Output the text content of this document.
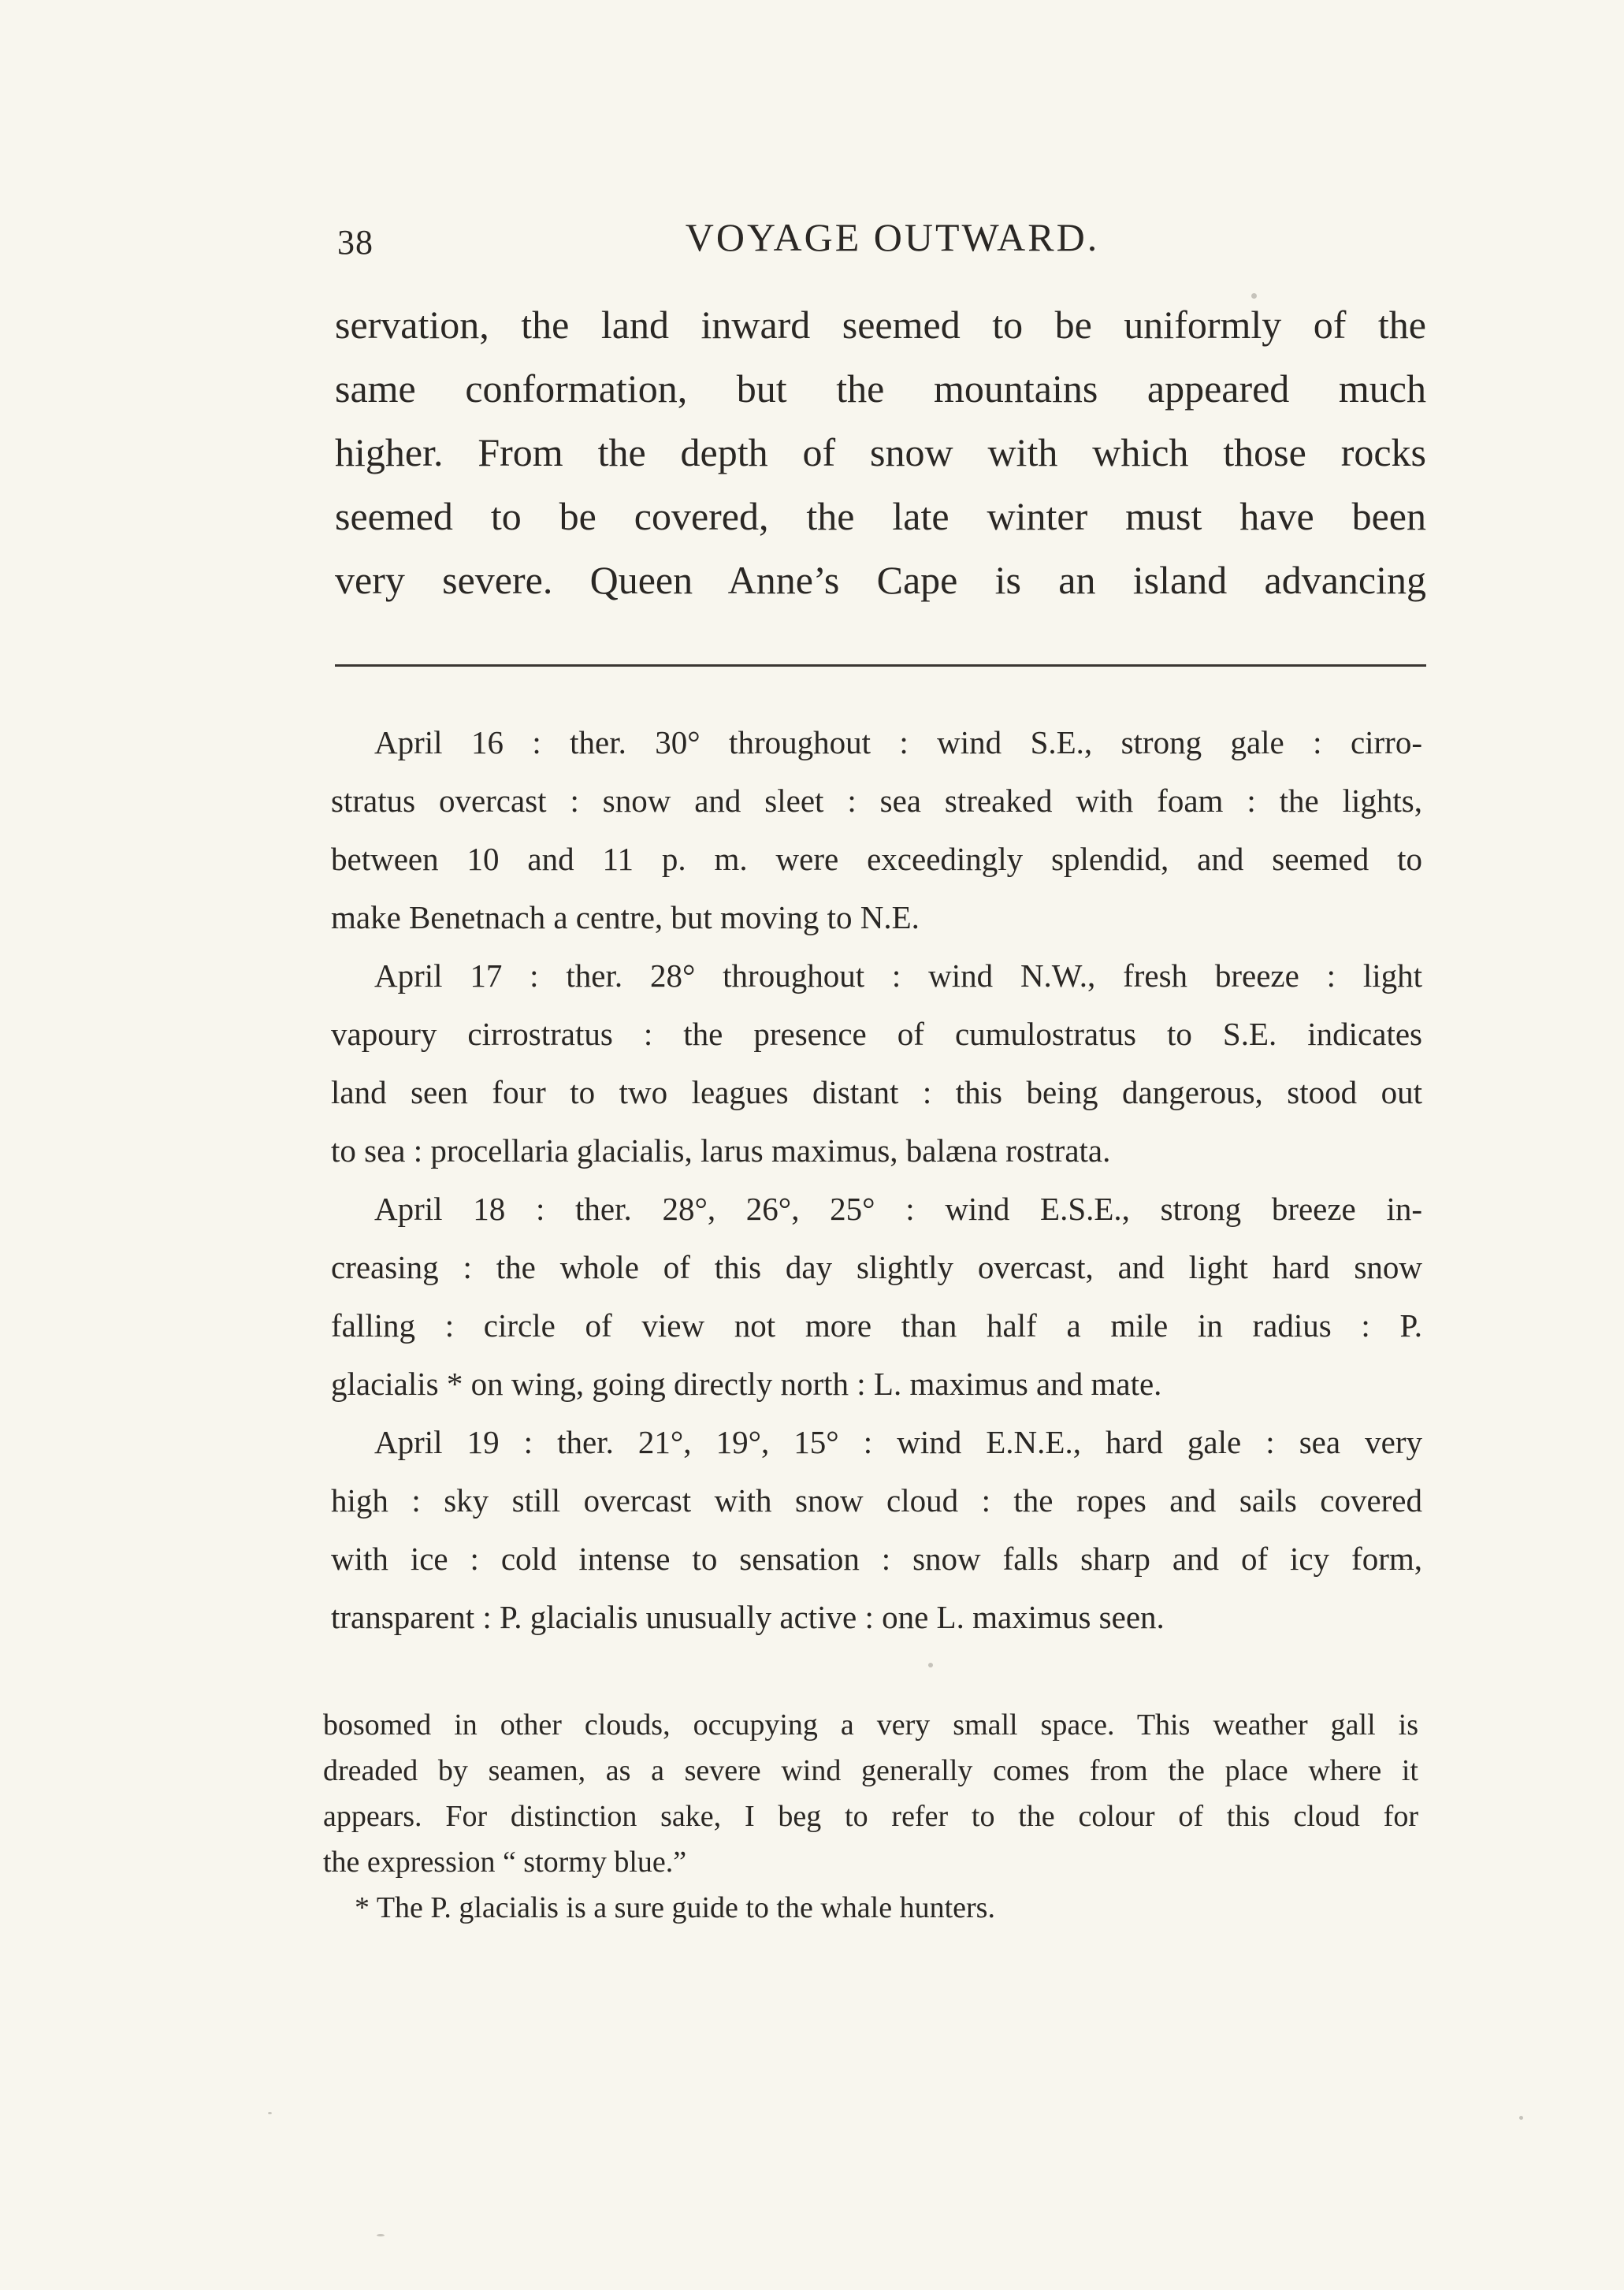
38	VOYAGE OUTWARD.
servation, the land inward seemed to be uniformly of the
same conformation, but the mountains appeared much
higher. From the depth of snow with which those rocks
seemed to be covered, the late winter must have been
very severe. Queen Anne’s Cape is an island advancing
April 16 : ther. 30° throughout : wind S.E., strong gale : cirro-
stratus overcast : snow and sleet : sea streaked with foam : the lights,
between 10 and 11 p. m. were exceedingly splendid, and seemed to
make Benetnach a centre, but moving to N.E.
April 17 : ther. 28° throughout : wind N.W., fresh breeze : light
vapoury cirrostratus : the presence of cumulostratus to S.E. indicates
land seen four to two leagues distant : this being dangerous, stood out
to sea : procellaria glacialis, larus maximus, balæna rostrata.
April 18 : ther. 28°, 26°, 25° : wind E.S.E., strong breeze in-
creasing : the whole of this day slightly overcast, and light hard snow
falling : circle of view not more than half a mile in radius : P.
glacialis * on wing, going directly north : L. maximus and mate.
April 19 : ther. 21°, 19°, 15° : wind E.N.E., hard gale : sea very
high : sky still overcast with snow cloud : the ropes and sails covered
with ice : cold intense to sensation : snow falls sharp and of icy form,
transparent : P. glacialis unusually active : one L. maximus seen.
bosomed in other clouds, occupying a very small space. This weather gall is
dreaded by seamen, as a severe wind generally comes from the place where it
appears. For distinction sake, I beg to refer to the colour of this cloud for
the expression “ stormy blue.”
* The P. glacialis is a sure guide to the whale hunters.
